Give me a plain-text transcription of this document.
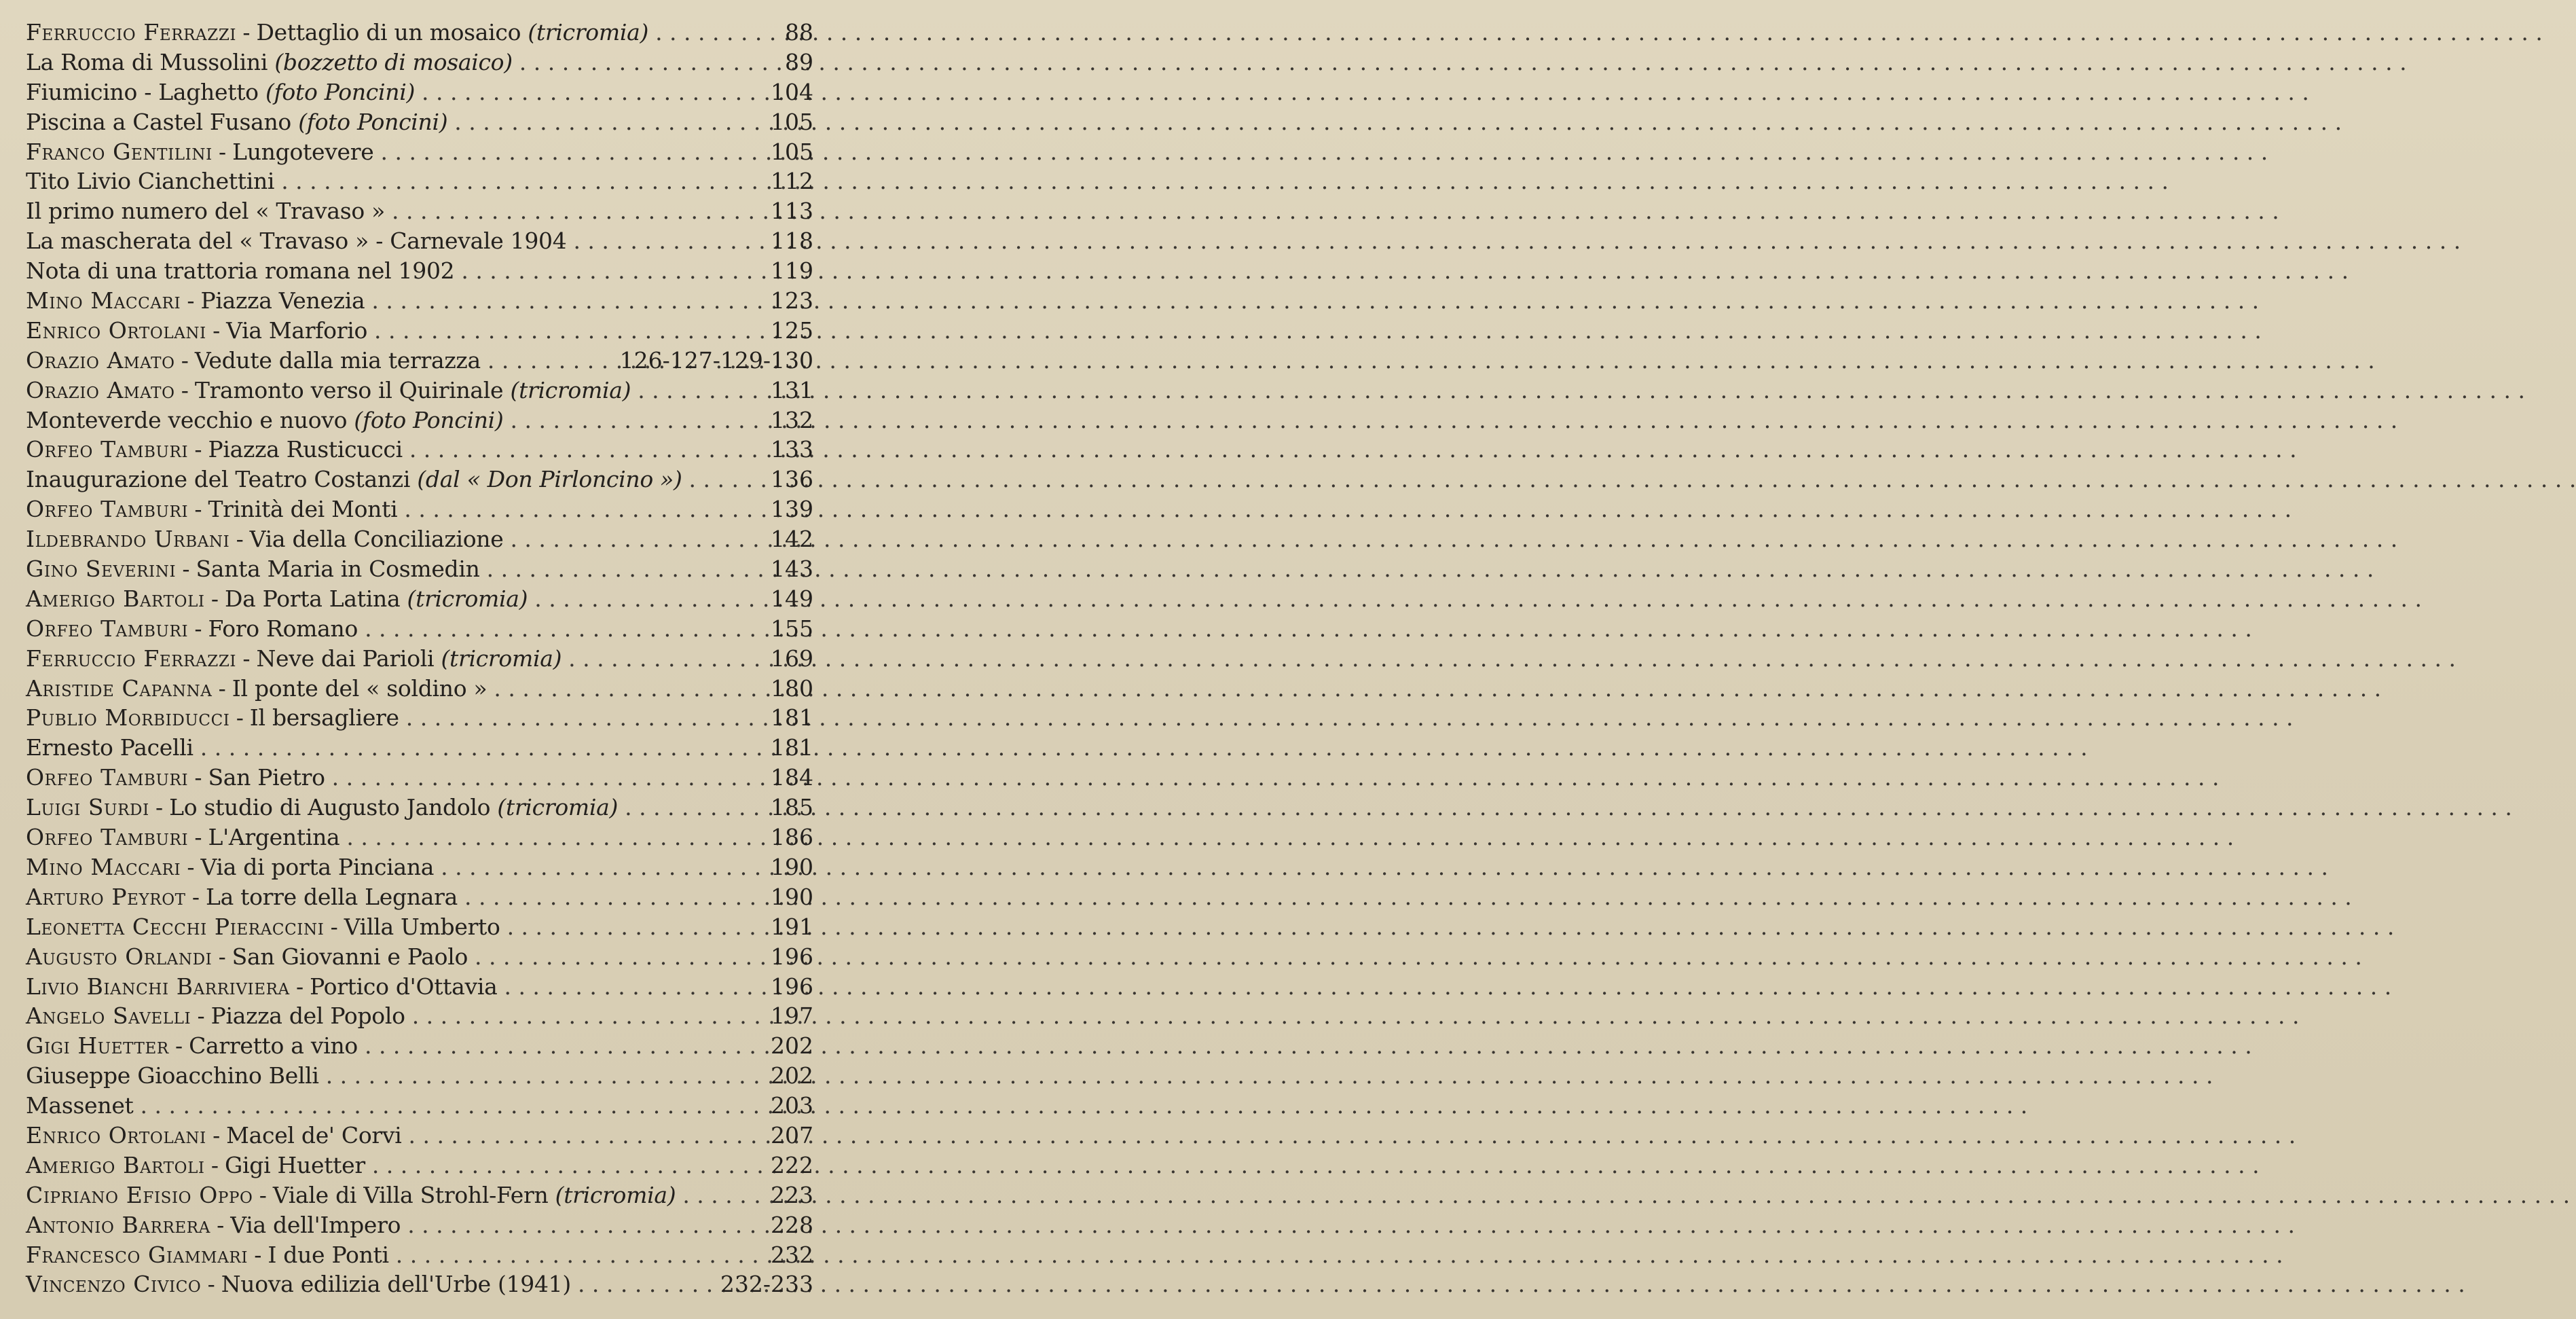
Ferruccio Ferrazzi - Dettaglio di un mosaico (tricromia) . . .	88
La Roma di Mussolini (bozzetto di mosaico) . . .	89
Fiumicino - Laghetto (foto Poncini) . . .	104
Piscina a Castel Fusano (foto Poncini) . . .	105
Franco Gentilini - Lungotevere . . .	105
Tito Livio Cianchettini . . .	112
Il primo numero del « Travaso » . . .	113
La mascherata del « Travaso » - Carnevale 1904 . . .	118
Nota di una trattoria romana nel 1902 . . .	119
Mino Maccari - Piazza Venezia . . .	123
Enrico Ortolani - Via Marforio . . .	125
Orazio Amato - Vedute dalla mia terrazza . . .	126-127-129-130
Orazio Amato - Tramonto verso il Quirinale (tricromia) . . .	131
Monteverde vecchio e nuovo (foto Poncini) . . .	132
Orfeo Tamburi - Piazza Rusticucci . . .	133
Inaugurazione del Teatro Costanzi (dal « Don Pirloncino ») . . .	136
Orfeo Tamburi - Trinità dei Monti . . .	139
Ildebrando Urbani - Via della Conciliazione . . .	142
Gino Severini - Santa Maria in Cosmedin . . .	143
Amerigo Bartoli - Da Porta Latina (tricromia) . . .	149
Orfeo Tamburi - Foro Romano . . .	155
Ferruccio Ferrazzi - Neve dai Parioli (tricromia) . . .	169
Aristide Capanna - Il ponte del « soldino » . . .	180
Publio Morbiducci - Il bersagliere . . .	181
Ernesto Pacelli . . .	181
Orfeo Tamburi - San Pietro . . .	184
Luigi Surdi - Lo studio di Augusto Jandolo (tricromia) . . .	185
Orfeo Tamburi - L'Argentina . . .	186
Mino Maccari - Via di porta Pinciana . . .	190
Arturo Peyrot - La torre della Legnara . . .	190
Leonetta Cecchi Pieraccini - Villa Umberto . . .	191
Augusto Orlandi - San Giovanni e Paolo . . .	196
Livio Bianchi Barriviera - Portico d'Ottavia . . .	196
Angelo Savelli - Piazza del Popolo . . .	197
Gigi Huetter - Carretto a vino . . .	202
Giuseppe Gioacchino Belli . . .	202
Massenet . . .	203
Enrico Ortolani - Macel de' Corvi . . .	207
Amerigo Bartoli - Gigi Huetter . . .	222
Cipriano Efisio Oppo - Viale di Villa Strohl-Fern (tricromia) . . .	223
Antonio Barrera - Via dell'Impero . . .	228
Francesco Giammari - I due Ponti . . .	232
Vincenzo Civico - Nuova edilizia dell'Urbe (1941) . . .	232-233
